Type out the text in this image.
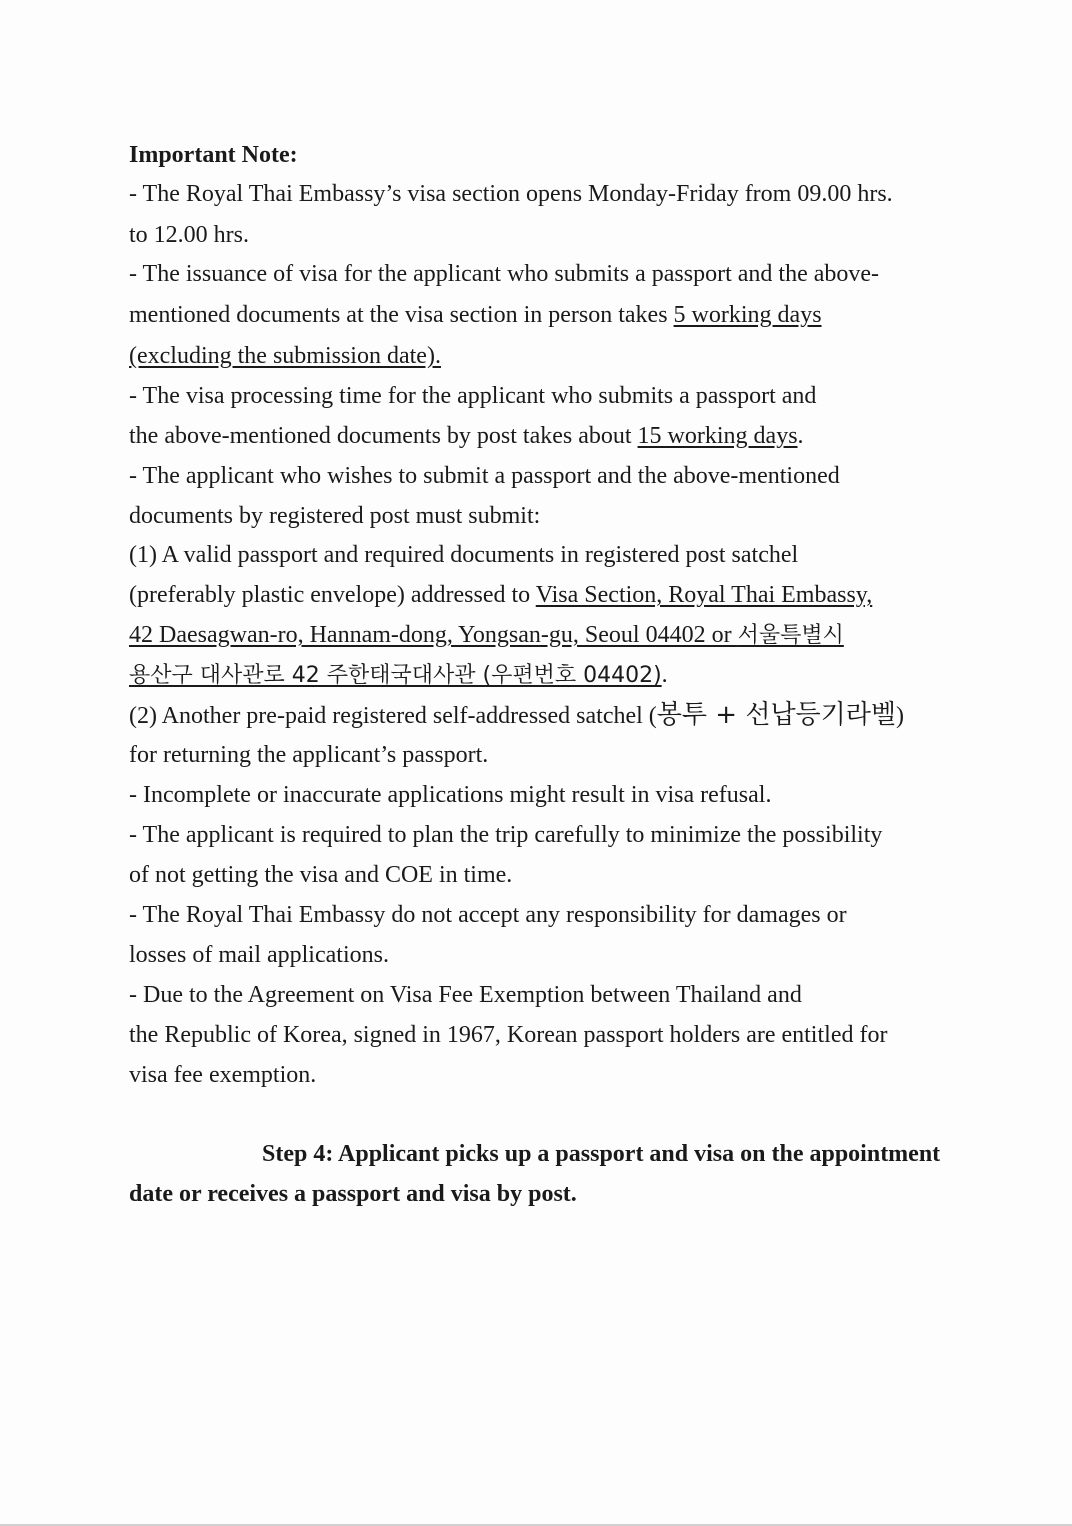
Important Note:

- The Royal Thai Embassy’s visa section opens Monday-Friday from 09.00 hrs.

to 12.00 hrs.

- The issuance of visa for the applicant who submits a passport and the above-

mentioned documents at the visa section in person takes 5 working days

(excluding the submission date).

- The visa processing time for the applicant who submits a passport and

the above-mentioned documents by post takes about 15 working days.

- The applicant who wishes to submit a passport and the above-mentioned

documents by registered post must submit:

(1) A valid passport and required documents in registered post satchel

(preferably plastic envelope) addressed to Visa Section, Royal Thai Embassy,

42 Daesagwan-ro, Hannam-dong, Yongsan-gu, Seoul 04402 or 서울특별시

용산구 대사관로 42 주한태국대사관 (우편번호 04402).

(2) Another pre-paid registered self-addressed satchel (봉투 + 선납등기라벨)

for returning the applicant’s passport.

- Incomplete or inaccurate applications might result in visa refusal.

- The applicant is required to plan the trip carefully to minimize the possibility

of not getting the visa and COE in time.

- The Royal Thai Embassy do not accept any responsibility for damages or

losses of mail applications.

- Due to the Agreement on Visa Fee Exemption between Thailand and

the Republic of Korea, signed in 1967, Korean passport holders are entitled for

visa fee exemption.

Step 4: Applicant picks up a passport and visa on the appointment

date or receives a passport and visa by post.
